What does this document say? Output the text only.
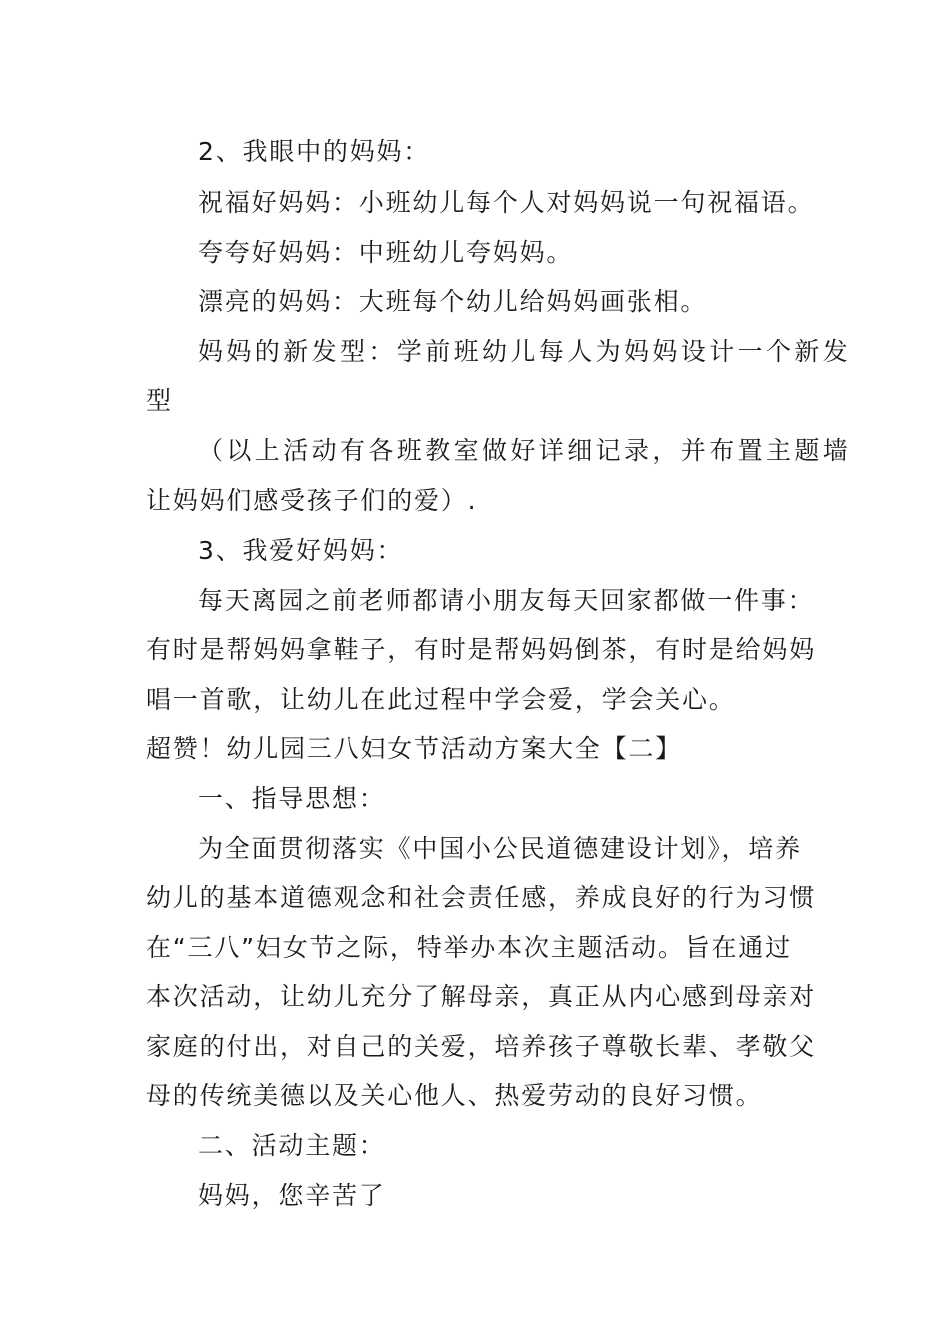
2、我眼中的妈妈：
祝福好妈妈：小班幼儿每个人对妈妈说一句祝福语。
夸夸好妈妈：中班幼儿夸妈妈。
漂亮的妈妈：大班每个幼儿给妈妈画张相。
妈妈的新发型：学前班幼儿每人为妈妈设计一个新发
型
（以上活动有各班教室做好详细记录，并布置主题墙
让妈妈们感受孩子们的爱）.
3、我爱好妈妈：
每天离园之前老师都请小朋友每天回家都做一件事：
有时是帮妈妈拿鞋子，有时是帮妈妈倒茶，有时是给妈妈
唱一首歌，让幼儿在此过程中学会爱，学会关心。
超赞！幼儿园三八妇女节活动方案大全【二】
一、指导思想：
为全面贯彻落实《中国小公民道德建设计划》，培养
幼儿的基本道德观念和社会责任感，养成良好的行为习惯
在“三八”妇女节之际，特举办本次主题活动。旨在通过
本次活动，让幼儿充分了解母亲，真正从内心感到母亲对
家庭的付出，对自己的关爱，培养孩子尊敬长辈、孝敬父
母的传统美德以及关心他人、热爱劳动的良好习惯。
二、活动主题：
妈妈，您辛苦了
